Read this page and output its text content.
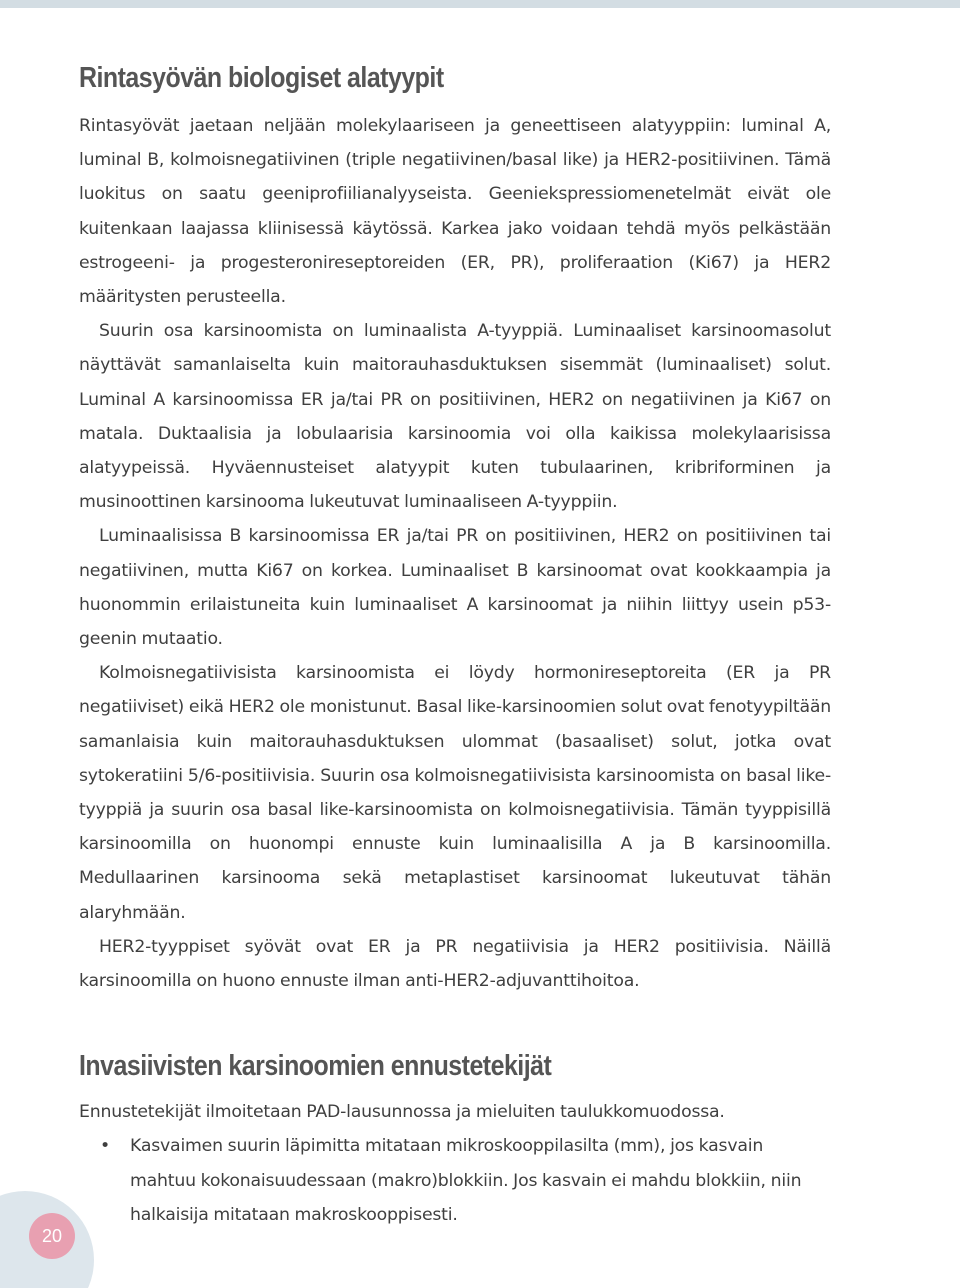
Rintasyövän biologiset alatyypit

Rintasyövät jaetaan neljään molekylaariseen ja geneettiseen alatyyppiin: luminal A, luminal B, kolmoisnegatiivinen (triple negatiivinen/basal like) ja HER2-positiivinen. Tämä luokitus on saatu geeniprofiilianalyyseista. Geeniekspressiomenetelmät eivät ole kuitenkaan laajassa kliinisessä käytössä. Karkea jako voidaan tehdä myös pelkästään estrogeeni- ja progesteronireseptoreiden (ER, PR), proliferaation (Ki67) ja HER2 määritysten perusteella.

Suurin osa karsinoomista on luminaalista A-tyyppiä. Luminaaliset karsinoomasolut näyttävät samanlaiselta kuin maitorauhasduktuksen sisemmät (luminaaliset) solut. Luminal A karsinoomissa ER ja/tai PR on positiivinen, HER2 on negatiivinen ja Ki67 on matala. Duktaalisia ja lobulaarisia karsinoomia voi olla kaikissa molekylaarisissa alatyypeissä. Hyväennusteiset alatyypit kuten tubulaarinen, kribriforminen ja musinoottinen karsinooma lukeutuvat luminaaliseen A-tyyppiin.

Luminaalisissa B karsinoomissa ER ja/tai PR on positiivinen, HER2 on positiivinen tai negatiivinen, mutta Ki67 on korkea. Luminaaliset B karsinoomat ovat kookkaampia ja huonommin erilaistuneita kuin luminaaliset A karsinoomat ja niihin liittyy usein p53-geenin mutaatio.

Kolmoisnegatiivisista karsinoomista ei löydy hormonireseptoreita (ER ja PR negatiiviset) eikä HER2 ole monistunut. Basal like-karsinoomien solut ovat fenotyypiltään samanlaisia kuin maitorauhasduktuksen ulommat (basaaliset) solut, jotka ovat sytokeratiini 5/6-positiivisia. Suurin osa kolmoisnegatiivisista karsinoomista on basal like-tyyppiä ja suurin osa basal like-karsinoomista on kolmoisnegatiivisia. Tämän tyyppisillä karsinoomilla on huonompi ennuste kuin luminaalisilla A ja B karsinoomilla. Medullaarinen karsinooma sekä metaplastiset karsinoomat lukeutuvat tähän alaryhmään.

HER2-tyyppiset syövät ovat ER ja PR negatiivisia ja HER2 positiivisia. Näillä karsinoomilla on huono ennuste ilman anti-HER2-adjuvanttihoitoa.

Invasiivisten karsinoomien ennustetekijät

Ennustetekijät ilmoitetaan PAD-lausunnossa ja mieluiten taulukkomuodossa.

• Kasvaimen suurin läpimitta mitataan mikroskooppilasilta (mm), jos kasvain mahtuu kokonaisuudessaan (makro)blokkiin. Jos kasvain ei mahdu blokkiin, niin halkaisija mitataan makroskooppisesti.
20
